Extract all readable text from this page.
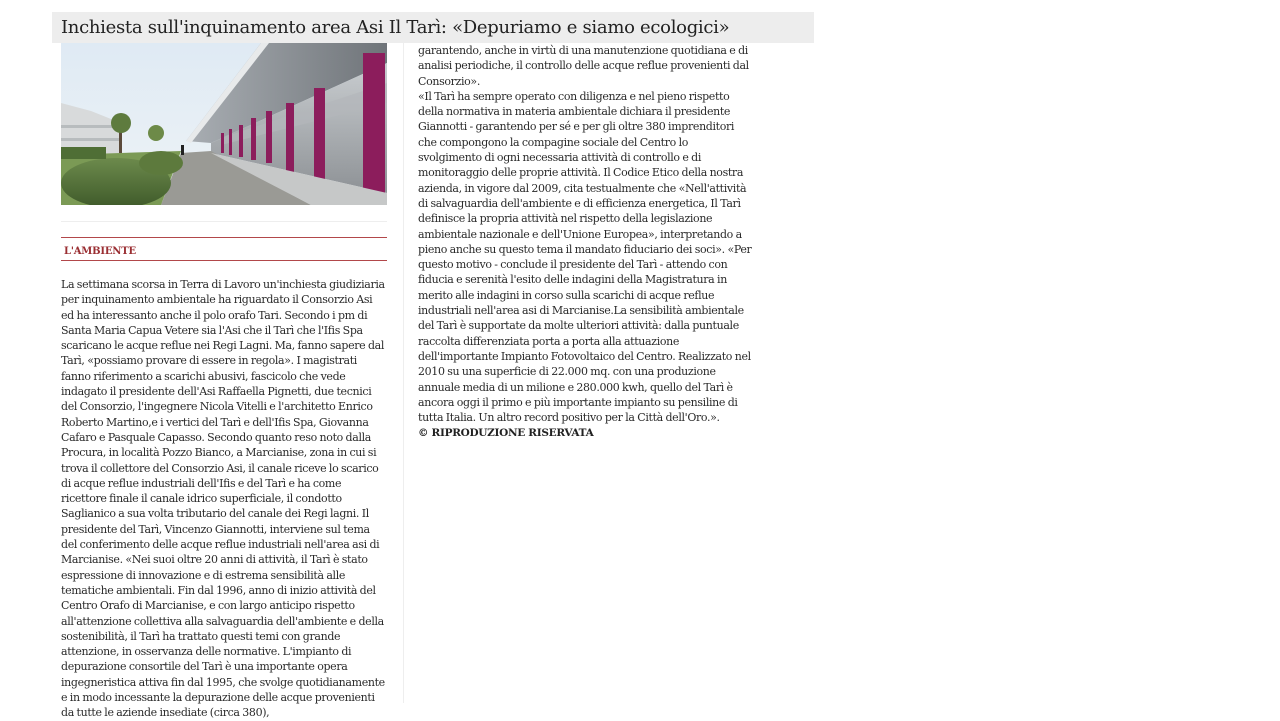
Inchiesta sull'inquinamento area Asi Il Tarì: «Depuriamo e siamo ecologici»
L'AMBIENTE

La settimana scorsa in Terra di Lavoro un'inchiesta giudiziaria per inquinamento ambientale ha riguardato il Consorzio Asi ed ha interessanto anche il polo orafo Tari. Secondo i pm di Santa Maria Capua Vetere sia l'Asi che il Tarì che l'Ifis Spa scaricano le acque reflue nei Regi Lagni. Ma, fanno sapere dal Tarì, «possiamo provare di essere in regola». I magistrati fanno riferimento a scarichi abusivi, fascicolo che vede indagato il presidente dell'Asi Raffaella Pignetti, due tecnici del Consorzio, l'ingegnere Nicola Vitelli e l'architetto Enrico Roberto Martino,e i vertici del Tarì e dell'Ifis Spa, Giovanna Cafaro e Pasquale Capasso. Secondo quanto reso noto dalla Procura, in località Pozzo Bianco, a Marcianise, zona in cui si trova il collettore del Consorzio Asi, il canale riceve lo scarico di acque reflue industriali dell'Ifis e del Tarì e ha come ricettore finale il canale idrico superficiale, il condotto Saglianico a sua volta tributario del canale dei Regi lagni. Il presidente del Tarì, Vincenzo Giannotti, interviene sul tema del conferimento delle acque reflue industriali nell'area asi di Marcianise. «Nei suoi oltre 20 anni di attività, il Tarì è stato espressione di innovazione e di estrema sensibilità alle tematiche ambientali. Fin dal 1996, anno di inizio attività del Centro Orafo di Marcianise, e con largo anticipo rispetto all'attenzione collettiva alla salvaguardia dell'ambiente e della sostenibilità, il Tarì ha trattato questi temi con grande attenzione, in osservanza delle normative. L'impianto di depurazione consortile del Tarì è una importante opera ingegneristica attiva fin dal 1995, che svolge quotidianamente e in modo incessante la depurazione delle acque provenienti da tutte le aziende insediate (circa 380),

garantendo, anche in virtù di una manutenzione quotidiana e di analisi periodiche, il controllo delle acque reflue provenienti dal Consorzio».

«Il Tarì ha sempre operato con diligenza e nel pieno rispetto della normativa in materia ambientale dichiara il presidente Giannotti - garantendo per sé e per gli oltre 380 imprenditori che compongono la compagine sociale del Centro lo svolgimento di ogni necessaria attività di controllo e di monitoraggio delle proprie attività. Il Codice Etico della nostra azienda, in vigore dal 2009, cita testualmente che «Nell'attività di salvaguardia dell'ambiente e di efficienza energetica, Il Tarì definisce la propria attività nel rispetto della legislazione ambientale nazionale e dell'Unione Europea», interpretando a pieno anche su questo tema il mandato fiduciario dei soci». «Per questo motivo - conclude il presidente del Tarì - attendo con fiducia e serenità l'esito delle indagini della Magistratura in merito alle indagini in corso sulla scarichi di acque reflue industriali nell'area asi di Marcianise.La sensibilità ambientale del Tarì è supportate da molte ulteriori attività: dalla puntuale raccolta differenziata porta a porta alla attuazione dell'importante Impianto Fotovoltaico del Centro. Realizzato nel 2010 su una superficie di 22.000 mq. con una produzione annuale media di un milione e 280.000 kwh, quello del Tarì è ancora oggi il primo e più importante impianto su pensiline di tutta Italia. Un altro record positivo per la Città dell'Oro.».

© RIPRODUZIONE RISERVATA
